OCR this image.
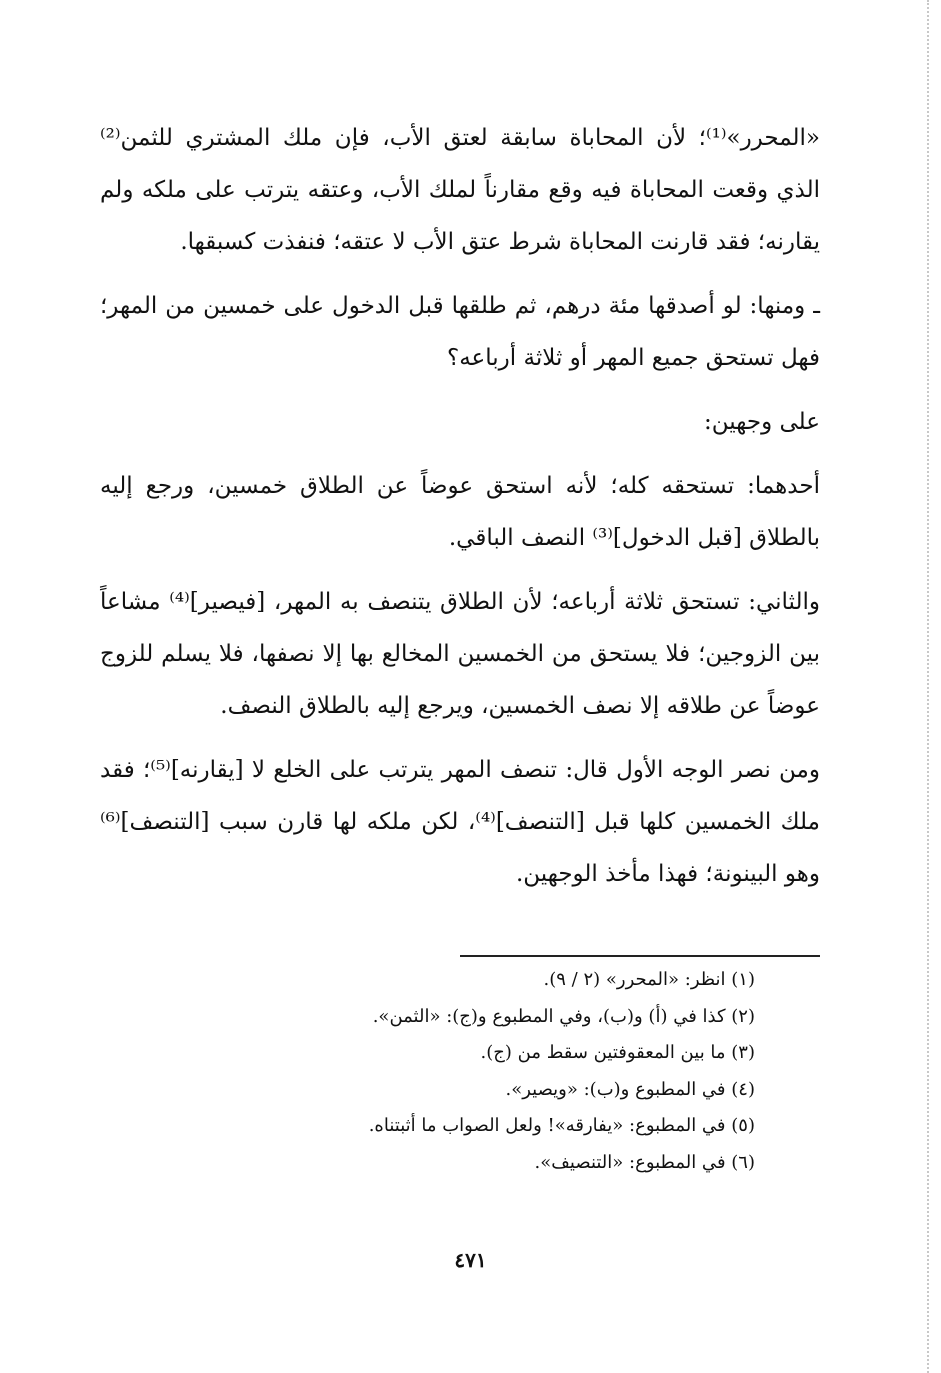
«المحرر»⁽¹⁾؛ لأن المحاباة سابقة لعتق الأب، فإن ملك المشتري للثمن⁽²⁾ الذي وقعت المحاباة فيه وقع مقارناً لملك الأب، وعتقه يترتب على ملكه ولم يقارنه؛ فقد قارنت المحاباة شرط عتق الأب لا عتقه؛ فنفذت كسبقها.

ـ ومنها: لو أصدقها مئة درهم، ثم طلقها قبل الدخول على خمسين من المهر؛ فهل تستحق جميع المهر أو ثلاثة أرباعه؟

على وجهين:

أحدهما: تستحقه كله؛ لأنه استحق عوضاً عن الطلاق خمسين، ورجع إليه بالطلاق [قبل الدخول]⁽³⁾ النصف الباقي.

والثاني: تستحق ثلاثة أرباعه؛ لأن الطلاق يتنصف به المهر، [فيصير]⁽⁴⁾ مشاعاً بين الزوجين؛ فلا يستحق من الخمسين المخالع بها إلا نصفها، فلا يسلم للزوج عوضاً عن طلاقه إلا نصف الخمسين، ويرجع إليه بالطلاق النصف.

ومن نصر الوجه الأول قال: تنصف المهر يترتب على الخلع لا [يقارنه]⁽⁵⁾؛ فقد ملك الخمسين كلها قبل [التنصف]⁽⁴⁾، لكن ملكه لها قارن سبب [التنصف]⁽⁶⁾ وهو البينونة؛ فهذا مأخذ الوجهين.

(١) انظر: «المحرر» (٢ / ٩).

(٢) كذا في (أ) و(ب)، وفي المطبوع و(ج): «الثمن».

(٣) ما بين المعقوفتين سقط من (ج).

(٤) في المطبوع و(ب): «ويصير».

(٥) في المطبوع: «يفارقه»! ولعل الصواب ما أثبتناه.

(٦) في المطبوع: «التنصيف».

٤٧١
